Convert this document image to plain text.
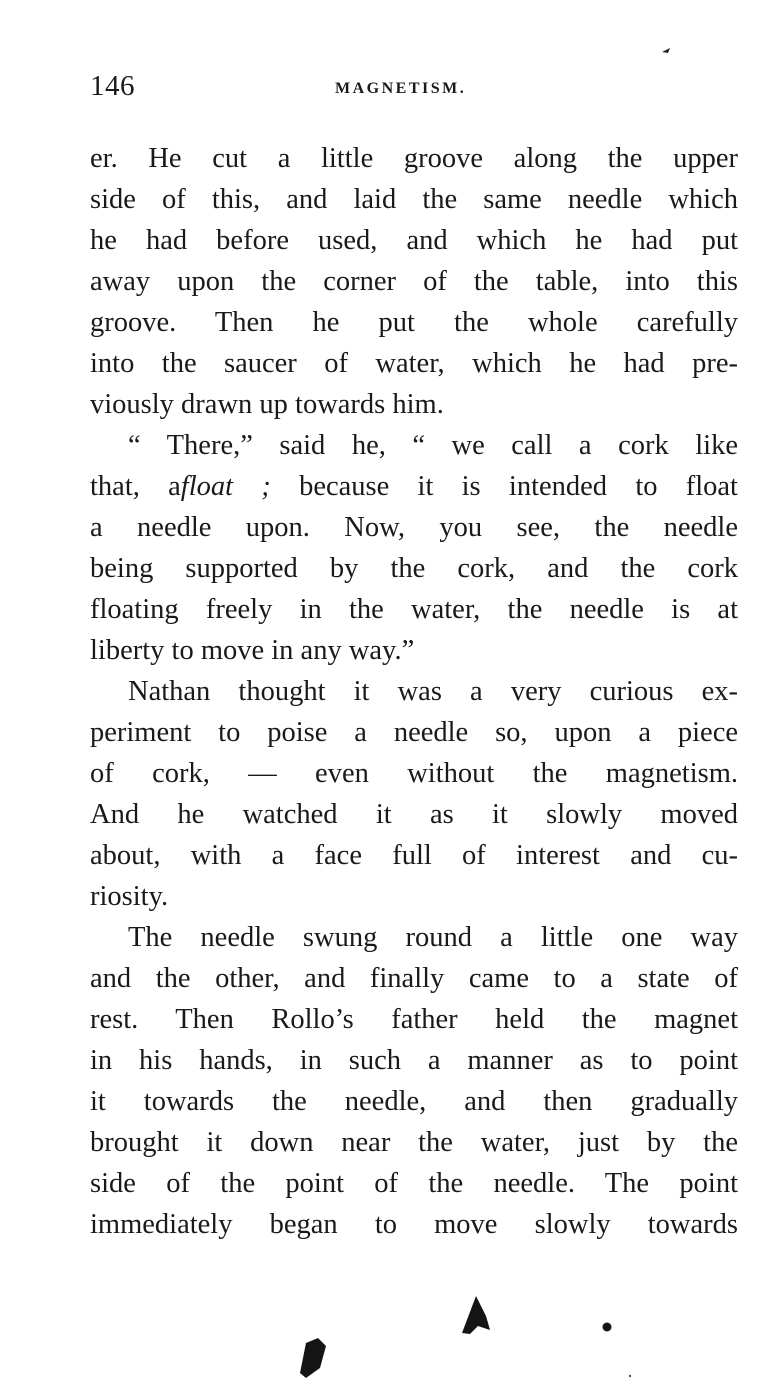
146	MAGNETISM.
er. He cut a little groove along the upper
side of this, and laid the same needle which
he had before used, and which he had put
away upon the corner of the table, into this
groove. Then he put the whole carefully
into the saucer of water, which he had pre-
viously drawn up towards him.
“ There,” said he, “ we call a cork like
that, afloat ; because it is intended to float
a needle upon. Now, you see, the needle
being supported by the cork, and the cork
floating freely in the water, the needle is at
liberty to move in any way.”
Nathan thought it was a very curious ex-
periment to poise a needle so, upon a piece
of cork, — even without the magnetism.
And he watched it as it slowly moved
about, with a face full of interest and cu-
riosity.
The needle swung round a little one way
and the other, and finally came to a state of
rest. Then Rollo’s father held the magnet
in his hands, in such a manner as to point
it towards the needle, and then gradually
brought it down near the water, just by the
side of the point of the needle. The point
immediately began to move slowly towards
